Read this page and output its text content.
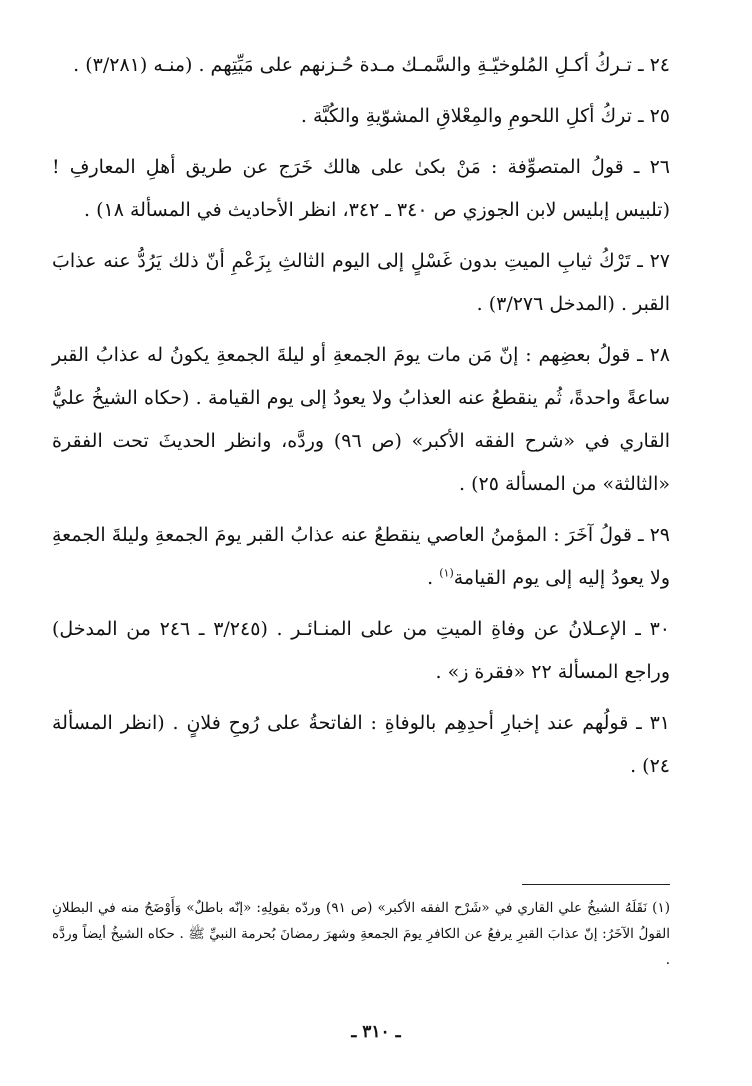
٢٤ ـ تـركُ أكـلِ المُلوخيّـةِ والسَّمـك مـدة حُـزنهم على مَيِّتِهم . (منـه (٣/٢٨١) .

٢٥ ـ تركُ أكلِ اللحومِ والمِعْلاقِ المشوّيةِ والكُبَّة .

٢٦ ـ قولُ المتصوِّفة : مَنْ بكىٰ على هالك خَرَج عن طريق أهلِ المعارفِ ! (تلبيس إبليس لابن الجوزي ص ٣٤٠ ـ ٣٤٢، انظر الأحاديث في المسألة ١٨) .

٢٧ ـ تَرْكُ ثيابِ الميتِ بدون غَسْلٍ إلى اليوم الثالثِ بِزَعْمِ أنّ ذلك يَرُدُّ عنه عذابَ القبر . (المدخل ٣/٢٧٦) .

٢٨ ـ قولُ بعضِهم : إنّ مَن مات يومَ الجمعةِ أو ليلةَ الجمعةِ يكونُ له عذابُ القبر ساعةً واحدةً، ثُم ينقطعُ عنه العذابُ ولا يعودُ إلى يوم القيامة . (حكاه الشيخُ عليُّ القاري في «شرح الفقه الأكبر» (ص ٩٦) وردَّه، وانظر الحديثَ تحت الفقرة «الثالثة» من المسألة ٢٥) .

٢٩ ـ قولُ آخَرَ : المؤمنُ العاصي ينقطعُ عنه عذابُ القبر يومَ الجمعةِ وليلةَ الجمعةِ ولا يعودُ إليه إلى يوم القيامة$^{(١)}$ .

٣٠ ـ الإعـلانُ عن وفاةِ الميتِ من على المنـائـر . (٣/٢٤٥ ـ ٢٤٦ من المدخل) وراجع المسألة ٢٢ «فقرة ز» .

٣١ ـ قولُهم عند إخبارِ أحدِهِم بالوفاةِ : الفاتحةُ على رُوحِ فلانٍ . (انظر المسألة ٢٤) .

(١) نَقَلَهُ الشيخُ علي القاري في «شَرْح الفقه الأكبر» (ص ٩١) وردّه بقولِهِ: «إنّه باطلٌ» وَأَوْضَحُ منه في البطلانِ القولُ الآخَرُ: إنّ عذابَ القبرِ يرفعُ عن الكافرِ يومَ الجمعةِ وشهرَ رمضانَ بُحرمة النبيِّ ﷺ . حكاه الشيخُ أيضاً وردَّه .
ـ ٣١٠ ـ
